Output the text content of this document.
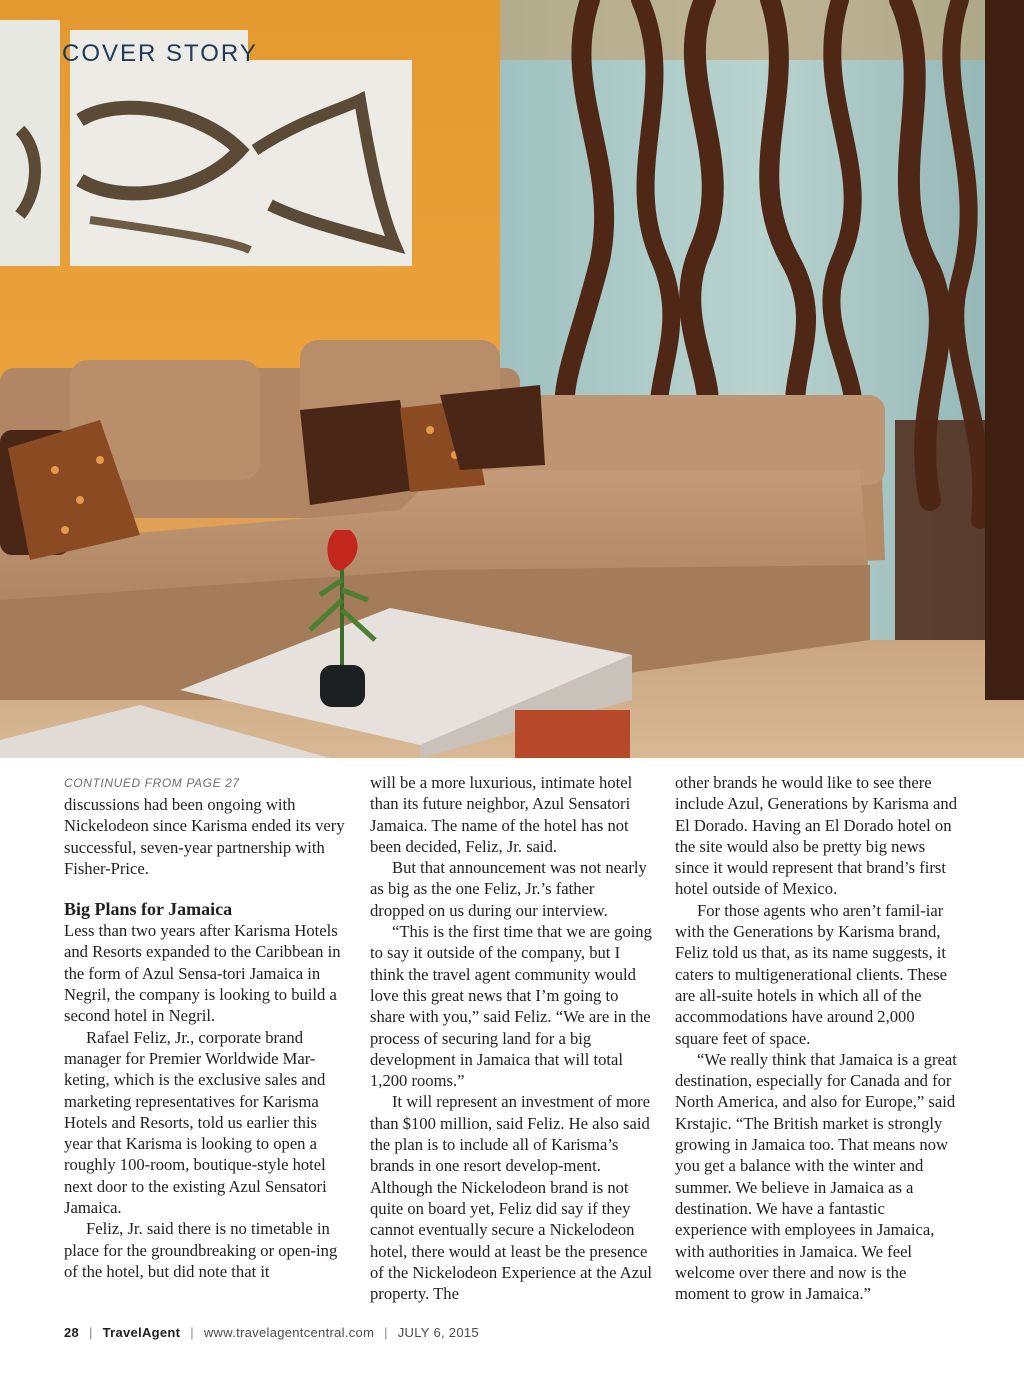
COVER STORY
CONTINUED FROM PAGE 27

discussions had been ongoing with Nickelodeon since Karisma ended its very successful, seven-year partnership with Fisher-Price.

Big Plans for Jamaica

Less than two years after Karisma Hotels and Resorts expanded to the Caribbean in the form of Azul Sensa-tori Jamaica in Negril, the company is looking to build a second hotel in Negril.

Rafael Feliz, Jr., corporate brand manager for Premier Worldwide Mar-keting, which is the exclusive sales and marketing representatives for Karisma Hotels and Resorts, told us earlier this year that Karisma is looking to open a roughly 100-room, boutique-style hotel next door to the existing Azul Sensatori Jamaica.

Feliz, Jr. said there is no timetable in place for the groundbreaking or open-ing of the hotel, but did note that it

will be a more luxurious, intimate hotel than its future neighbor, Azul Sensatori Jamaica. The name of the hotel has not been decided, Feliz, Jr. said.

But that announcement was not nearly as big as the one Feliz, Jr.’s father dropped on us during our interview.

“This is the first time that we are going to say it outside of the company, but I think the travel agent community would love this great news that I’m going to share with you,” said Feliz. “We are in the process of securing land for a big development in Jamaica that will total 1,200 rooms.”

It will represent an investment of more than $100 million, said Feliz. He also said the plan is to include all of Karisma’s brands in one resort develop-ment. Although the Nickelodeon brand is not quite on board yet, Feliz did say if they cannot eventually secure a Nickelodeon hotel, there would at least be the presence of the Nickelodeon Experience at the Azul property. The

other brands he would like to see there include Azul, Generations by Karisma and El Dorado. Having an El Dorado hotel on the site would also be pretty big news since it would represent that brand’s first hotel outside of Mexico.

For those agents who aren’t famil-iar with the Generations by Karisma brand, Feliz told us that, as its name suggests, it caters to multigenerational clients. These are all-suite hotels in which all of the accommodations have around 2,000 square feet of space.

“We really think that Jamaica is a great destination, especially for Canada and for North America, and also for Europe,” said Krstajic. “The British market is strongly growing in Jamaica too. That means now you get a balance with the winter and summer. We believe in Jamaica as a destination. We have a fantastic experience with employees in Jamaica, with authorities in Jamaica. We feel welcome over there and now is the moment to grow in Jamaica.”

28 | TravelAgent | www.travelagentcentral.com | JULY 6, 2015
